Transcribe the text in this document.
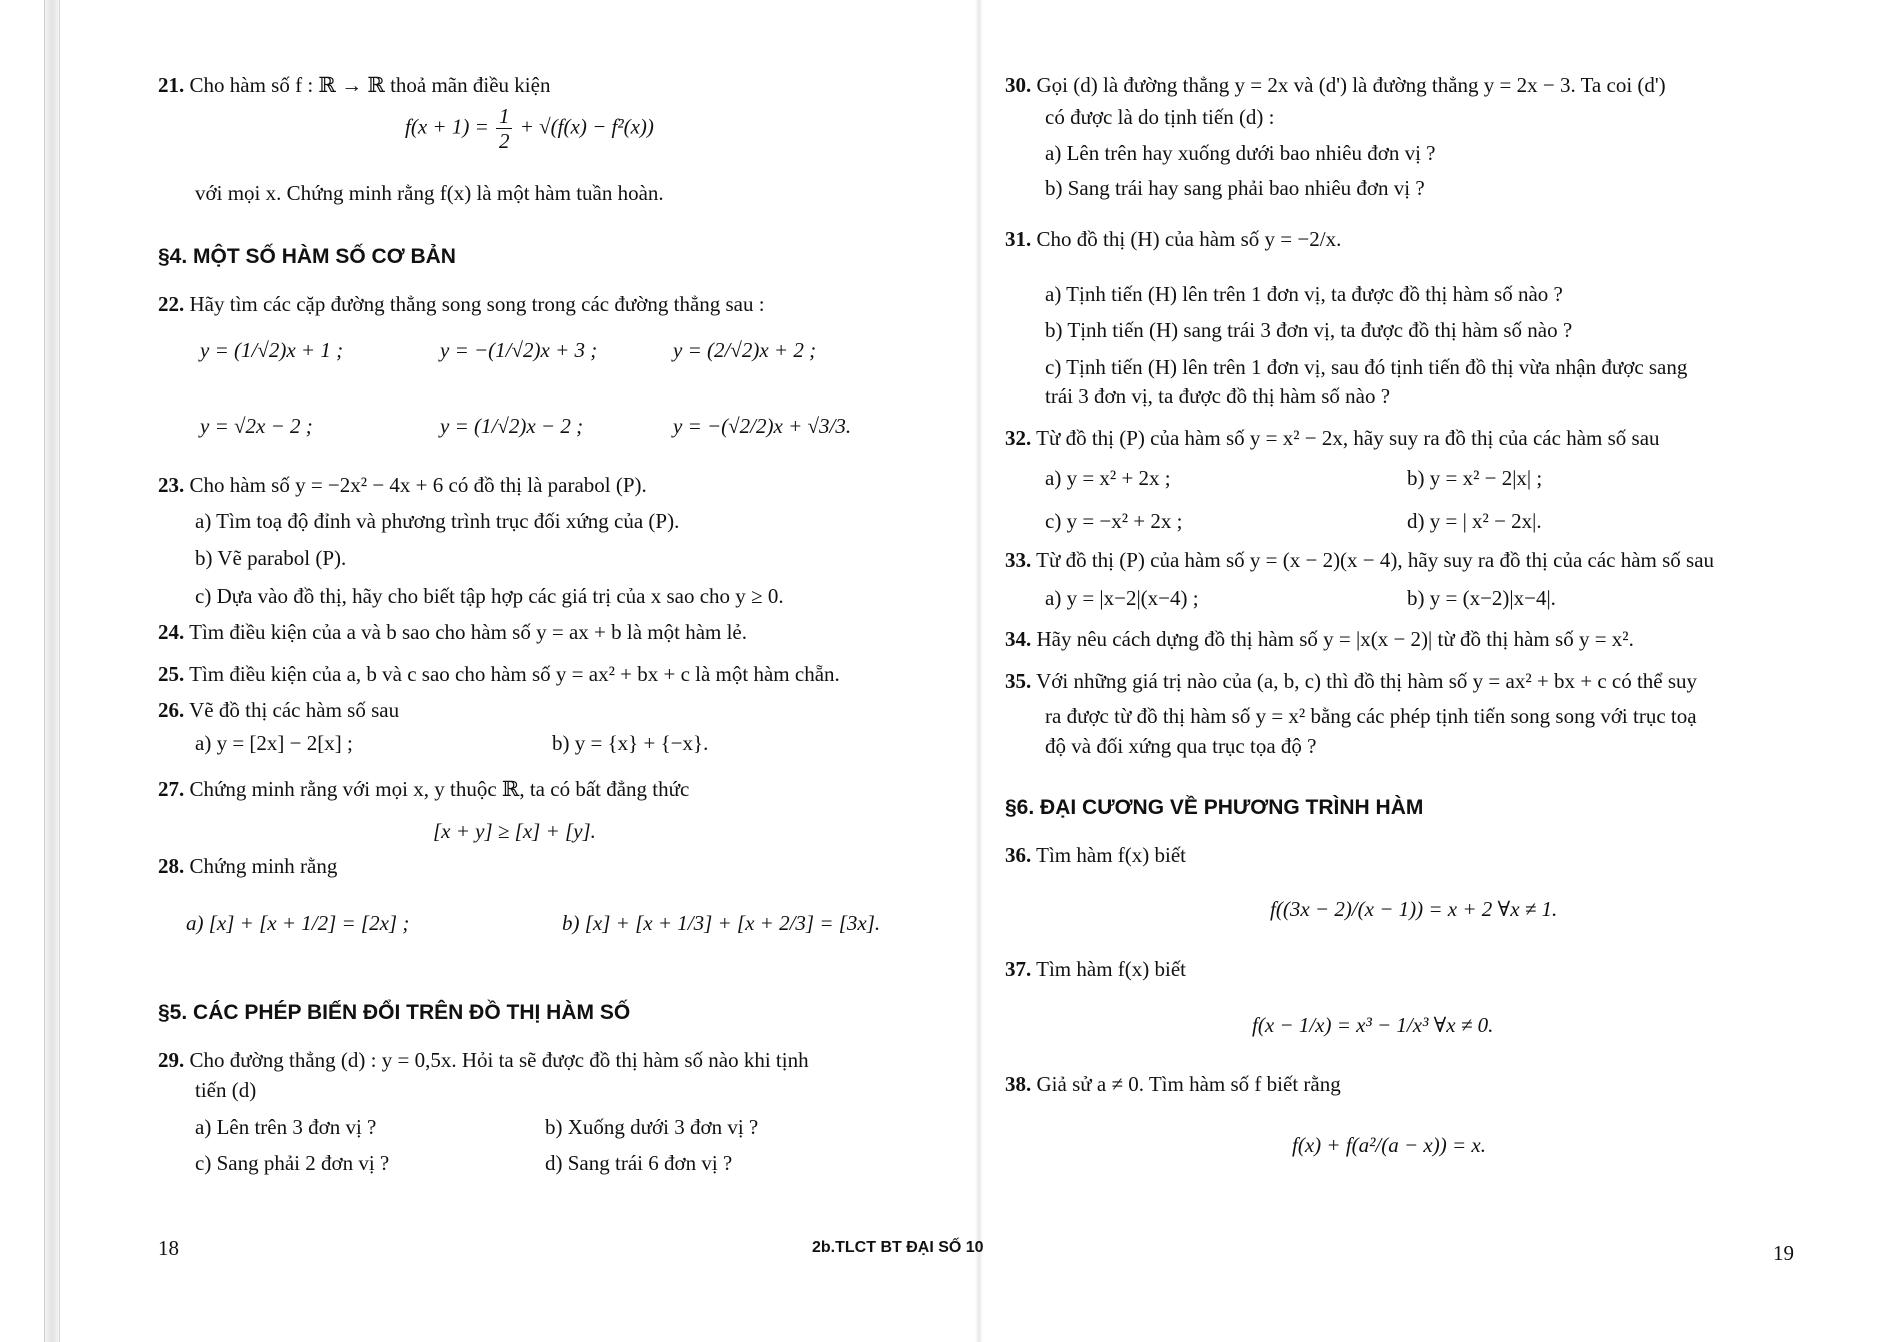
21. Cho hàm số f : ℝ → ℝ thoả mãn điều kiện
$f(x + 1) = \frac{1}{2} + √(f(x) - f^2(x))$
với mọi x. Chứng minh rằng f(x) là một hàm tuần hoàn.
§4. MỘT SỐ HÀM SỐ CƠ BẢN
22. Hãy tìm các cặp đường thẳng song song trong các đường thẳng sau :
y = (1/√2)x + 1 ;	y = −(1/√2)x + 3 ;	y = (2/√2)x + 2 ;
y = √2x − 2 ;	y = (1/√2)x − 2 ;	y = −(√2/2)x + √3/3.
23. Cho hàm số y = −2x² − 4x + 6 có đồ thị là parabol (P).
a) Tìm toạ độ đỉnh và phương trình trục đối xứng của (P).
b) Vẽ parabol (P).
c) Dựa vào đồ thị, hãy cho biết tập hợp các giá trị của x sao cho y ≥ 0.
24. Tìm điều kiện của a và b sao cho hàm số y = ax + b là một hàm lẻ.
25. Tìm điều kiện của a, b và c sao cho hàm số y = ax² + bx + c là một hàm chẵn.
26. Vẽ đồ thị các hàm số sau
a) y = [2x] − 2[x] ;	b) y = {x} + {−x}.
27. Chứng minh rằng với mọi x, y thuộc ℝ, ta có bất đẳng thức
[x + y] ≥ [x] + [y].
28. Chứng minh rằng
a) [x] + [x + 1/2] = [2x] ;	b) [x] + [x + 1/3] + [x + 2/3] = [3x].
§5. CÁC PHÉP BIẾN ĐỔI TRÊN ĐỒ THỊ HÀM SỐ
29. Cho đường thẳng (d) : y = 0,5x. Hỏi ta sẽ được đồ thị hàm số nào khi tịnh
tiến (d)
a) Lên trên 3 đơn vị ?	b) Xuống dưới 3 đơn vị ?
c) Sang phải 2 đơn vị ?	d) Sang trái 6 đơn vị ?
18	2b.TLCT BT ĐẠI SỐ 10
30. Gọi (d) là đường thẳng y = 2x và (d') là đường thẳng y = 2x − 3. Ta coi (d')
có được là do tịnh tiến (d) :
a) Lên trên hay xuống dưới bao nhiêu đơn vị ?
b) Sang trái hay sang phải bao nhiêu đơn vị ?
31. Cho đồ thị (H) của hàm số y = −2/x.
a) Tịnh tiến (H) lên trên 1 đơn vị, ta được đồ thị hàm số nào ?
b) Tịnh tiến (H) sang trái 3 đơn vị, ta được đồ thị hàm số nào ?
c) Tịnh tiến (H) lên trên 1 đơn vị, sau đó tịnh tiến đồ thị vừa nhận được sang
trái 3 đơn vị, ta được đồ thị hàm số nào ?
32. Từ đồ thị (P) của hàm số y = x² − 2x, hãy suy ra đồ thị của các hàm số sau
a) y = x² + 2x ;	b) y = x² − 2|x| ;
c) y = −x² + 2x ;	d) y = | x² − 2x|.
33. Từ đồ thị (P) của hàm số y = (x − 2)(x − 4), hãy suy ra đồ thị của các hàm số sau
a) y = |x−2|(x−4) ;	b) y = (x−2)|x−4|.
34. Hãy nêu cách dựng đồ thị hàm số y = |x(x − 2)| từ đồ thị hàm số y = x².
35. Với những giá trị nào của (a, b, c) thì đồ thị hàm số y = ax² + bx + c có thể suy
ra được từ đồ thị hàm số y = x² bằng các phép tịnh tiến song song với trục toạ
độ và đối xứng qua trục tọa độ ?
§6. ĐẠI CƯƠNG VỀ PHƯƠNG TRÌNH HÀM
36. Tìm hàm f(x) biết
f((3x − 2)/(x − 1)) = x + 2 ∀x ≠ 1.
37. Tìm hàm f(x) biết
f(x − 1/x) = x³ − 1/x³ ∀x ≠ 0.
38. Giả sử a ≠ 0. Tìm hàm số f biết rằng
f(x) + f(a²/(a − x)) = x.
19
